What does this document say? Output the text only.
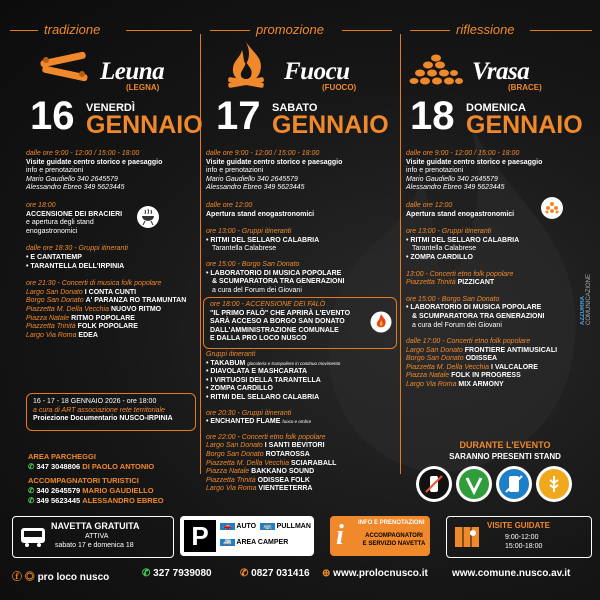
tradizione
Leuna
(LEGNA)
16 VENERDÌ
GENNAIO
dalle ore 9:00 - 12:00 / 15:00 - 18:00
Visite guidate centro storico e paesaggio
info e prenotazioni
Mario Gaudiello 340 2645579
Alessandro Ebreo 349 5623445
ore 18:00
ACCENSIONE DEI BRACIERI
e apertura degli stand
enogastronomici
dalle ore 18:30 - Gruppi itineranti
• E CANTATIEMP
• TARANTELLA DELL'IRPINIA
ore 21:30 - Concerti di musica folk popolare
Largo San Donato I CONTA CUNTI
Borgo San Donato A' PARANZA RO TRAMUNTAN
Piazzetta M. Della Vecchia NUOVO RITMO
Piazza Natale RITMO POPOLARE
Piazzetta Trinità FOLK POPOLARE
Largo Via Roma EDEA
16 - 17 - 18 GENNAIO 2026 - ore 18:00
a cura di ART associazione rete territoriale
Proiezione Documentario NUSCO-IRPINIA
promozione
Fuocu
(FUOCO)
17 SABATO
GENNAIO
dalle ore 9:00 - 12:00 / 15:00 - 18:00
Visite guidate centro storico e paesaggio
info e prenotazioni
Mario Gaudiello 340 2645579
Alessandro Ebreo 349 5623445
dalle ore 12:00
Apertura stand enogastronomici
ore 13:00 - Gruppi itineranti
• RITMI DEL SELLARO CALABRIA
Tarantella Calabrese
ore 15:00 - Borgo San Donato
• LABORATORIO DI MUSICA POPOLARE
& SCUMPARATORA TRA GENERAZIONI
a cura del Forum dei Giovani
ore 18:00 - ACCENSIONE DEI FALÒ
"IL PRIMO FALÒ" CHE APRIRÀ L'EVENTO
SARÀ ACCESO A BORGO SAN DONATO
DALL'AMMINISTRAZIONE COMUNALE
E DALLA PRO LOCO NUSCO
Gruppi itineranti
• TAKABUM giocoleria e trampoliere in continuo movimento
• DIAVOLATA E MASHCARATA
• I VIRTUOSI DELLA TARANTELLA
• ZOMPA CARDILLO
• RITMI DEL SELLARO CALABRIA
ore 20:30 - Gruppi itineranti
• ENCHANTED FLAME fuoco e ombre
ore 22:00 - Concerti etno folk popolare
Largo San Donato I SANTI BEVITORI
Borgo San Donato ROTAROSSA
Piazzetta M. Della Vecchia SCIARABALL
Piazza Natale BAKKANO SOUND
Piazzetta Trinità ODISSEA FOLK
Largo Via Roma VIENTEETERRA
riflessione
Vrasa
(BRACE)
18 DOMENICA
GENNAIO
dalle ore 9:00 - 12:00 / 15:00 - 18:00
Visite guidate centro storico e paesaggio
info e prenotazioni
Mario Gaudiello 340 2645579
Alessandro Ebreo 349 5623445
dalle ore 12:00
Apertura stand enogastronomici
ore 13:00 - Gruppi itineranti
• RITMI DEL SELLARO CALABRIA
Tarantella Calabrese
• ZOMPA CARDILLO
13:00 - Concerti etno folk popolare
Piazzetta Trinità PIZZICANT
ore 15:00 - Borgo San Donato
• LABORATORIO DI MUSICA POPOLARE
& SCUMPARATORA TRA GENERAZIONI
a cura del Forum dei Giovani
dalle 17:00 - Concerti etno folk popolare
Largo San Donato FRONTIERE ANTIMUSICALI
Borgo San Donato ODISSEA
Piazzetta M. Della Vecchia I VALCALORE
Piazza Natale FOLK IN PROGRESS
Largo Via Roma MIX ARMONY
AZZURRA COMUNICAZIONE
AREA PARCHEGGI
✆ 347 3048806 DI PAOLO ANTONIO
ACCOMPAGNATORI TURISTICI
✆ 340 2645579 MARIO GAUDIELLO
✆ 349 5623445 ALESSANDRO EBREO
DURANTE L'EVENTO
SARANNO PRESENTI STAND
NAVETTA GRATUITA
ATTIVA
sabato 17 e domenica 18 P	🚗 AUTO 🚌 PULLMAN
🚐 AREA CAMPER i	INFO E PRENOTAZIONI
ACCOMPAGNATORI
E SERVIZIO NAVETTA
VISITE GUIDATE
9:00-12:00
15:00-18:00
ⓕ ◎ pro loco nusco	✆ 327 7939080	✆ 0827 031416 ⊕ www.prolocnusco.it www.comune.nusco.av.it
